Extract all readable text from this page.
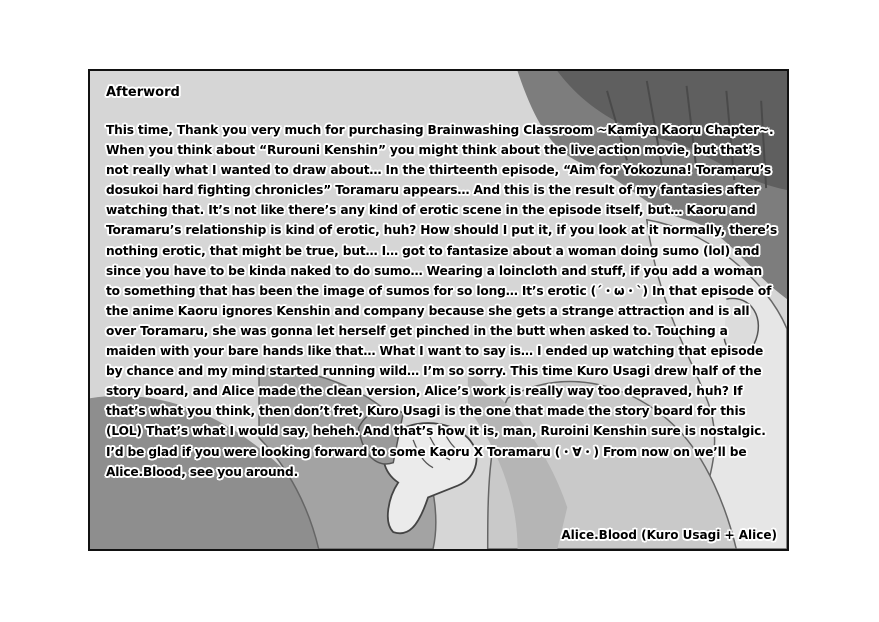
Afterword

This time, Thank you very much for purchasing Brainwashing Classroom ~Kamiya Kaoru Chapter~. When you think about “Rurouni Kenshin” you might think about the live action movie, but that’s not really what I wanted to draw about… In the thirteenth episode, “Aim for Yokozuna! Toramaru’s dosukoi hard fighting chronicles” Toramaru appears… And this is the result of my fantasies after watching that. It’s not like there’s any kind of erotic scene in the episode itself, but… Kaoru and Toramaru’s relationship is kind of erotic, huh? How should I put it, if you look at it normally, there’s nothing erotic, that might be true, but… I… got to fantasize about a woman doing sumo (lol) and since you have to be kinda naked to do sumo… Wearing a loincloth and stuff, if you add a woman to something that has been the image of sumos for so long… It’s erotic (´・ω・`) In that episode of the anime Kaoru ignores Kenshin and company because she gets a strange attraction and is all over Toramaru, she was gonna let herself get pinched in the butt when asked to. Touching a maiden with your bare hands like that… What I want to say is… I ended up watching that episode by chance and my mind started running wild… I’m so sorry. This time Kuro Usagi drew half of the story board, and Alice made the clean version, Alice’s work is really way too depraved, huh? If that’s what you think, then don’t fret, Kuro Usagi is the one that made the story board for this (LOL) That’s what I would say, heheh. And that’s how it is, man, Ruroini Kenshin sure is nostalgic. I’d be glad if you were looking forward to some Kaoru X Toramaru (・∀・) From now on we’ll be Alice.Blood, see you around.

Alice.Blood (Kuro Usagi + Alice)
